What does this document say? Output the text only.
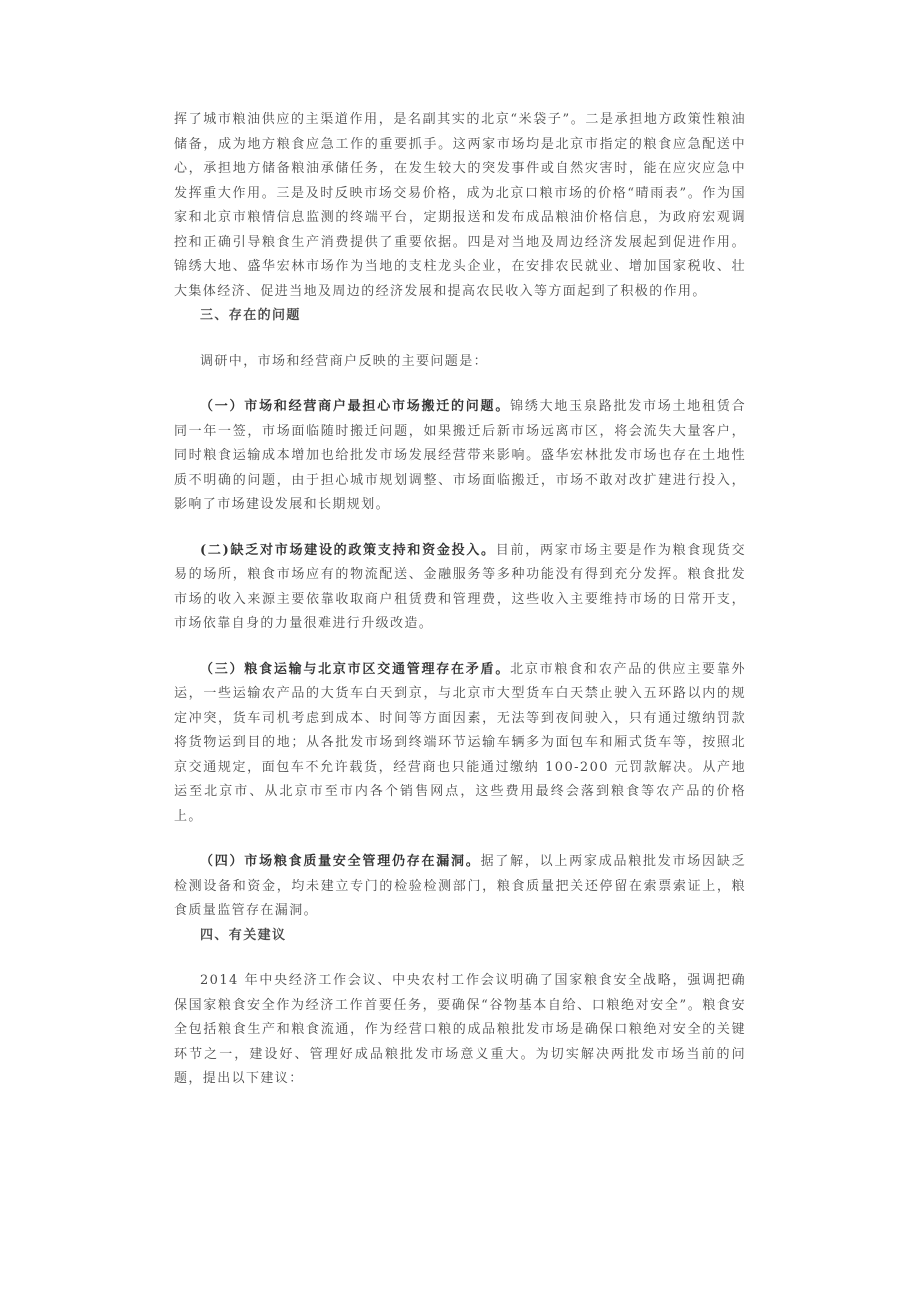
挥了城市粮油供应的主渠道作用，是名副其实的北京“米袋子”。二是承担地方政策性粮油储备，成为地方粮食应急工作的重要抓手。这两家市场均是北京市指定的粮食应急配送中心，承担地方储备粮油承储任务，在发生较大的突发事件或自然灾害时，能在应灾应急中发挥重大作用。三是及时反映市场交易价格，成为北京口粮市场的价格“晴雨表”。作为国家和北京市粮情信息监测的终端平台，定期报送和发布成品粮油价格信息，为政府宏观调控和正确引导粮食生产消费提供了重要依据。四是对当地及周边经济发展起到促进作用。锦绣大地、盛华宏林市场作为当地的支柱龙头企业，在安排农民就业、增加国家税收、壮大集体经济、促进当地及周边的经济发展和提高农民收入等方面起到了积极的作用。

三、存在的问题

调研中，市场和经营商户反映的主要问题是：

（一）市场和经营商户最担心市场搬迁的问题。锦绣大地玉泉路批发市场土地租赁合同一年一签，市场面临随时搬迁问题，如果搬迁后新市场远离市区，将会流失大量客户，同时粮食运输成本增加也给批发市场发展经营带来影响。盛华宏林批发市场也存在土地性质不明确的问题，由于担心城市规划调整、市场面临搬迁，市场不敢对改扩建进行投入，影响了市场建设发展和长期规划。

(二)缺乏对市场建设的政策支持和资金投入。目前，两家市场主要是作为粮食现货交易的场所，粮食市场应有的物流配送、金融服务等多种功能没有得到充分发挥。粮食批发市场的收入来源主要依靠收取商户租赁费和管理费，这些收入主要维持市场的日常开支，市场依靠自身的力量很难进行升级改造。

（三）粮食运输与北京市区交通管理存在矛盾。北京市粮食和农产品的供应主要靠外运，一些运输农产品的大货车白天到京，与北京市大型货车白天禁止驶入五环路以内的规定冲突，货车司机考虑到成本、时间等方面因素，无法等到夜间驶入，只有通过缴纳罚款将货物运到目的地；从各批发市场到终端环节运输车辆多为面包车和厢式货车等，按照北京交通规定，面包车不允许载货，经营商也只能通过缴纳 100-200 元罚款解决。从产地运至北京市、从北京市至市内各个销售网点，这些费用最终会落到粮食等农产品的价格上。

（四）市场粮食质量安全管理仍存在漏洞。据了解，以上两家成品粮批发市场因缺乏检测设备和资金，均未建立专门的检验检测部门，粮食质量把关还停留在索票索证上，粮食质量监管存在漏洞。

四、有关建议

2014 年中央经济工作会议、中央农村工作会议明确了国家粮食安全战略，强调把确保国家粮食安全作为经济工作首要任务，要确保“谷物基本自给、口粮绝对安全”。粮食安全包括粮食生产和粮食流通，作为经营口粮的成品粮批发市场是确保口粮绝对安全的关键环节之一，建设好、管理好成品粮批发市场意义重大。为切实解决两批发市场当前的问题，提出以下建议：
